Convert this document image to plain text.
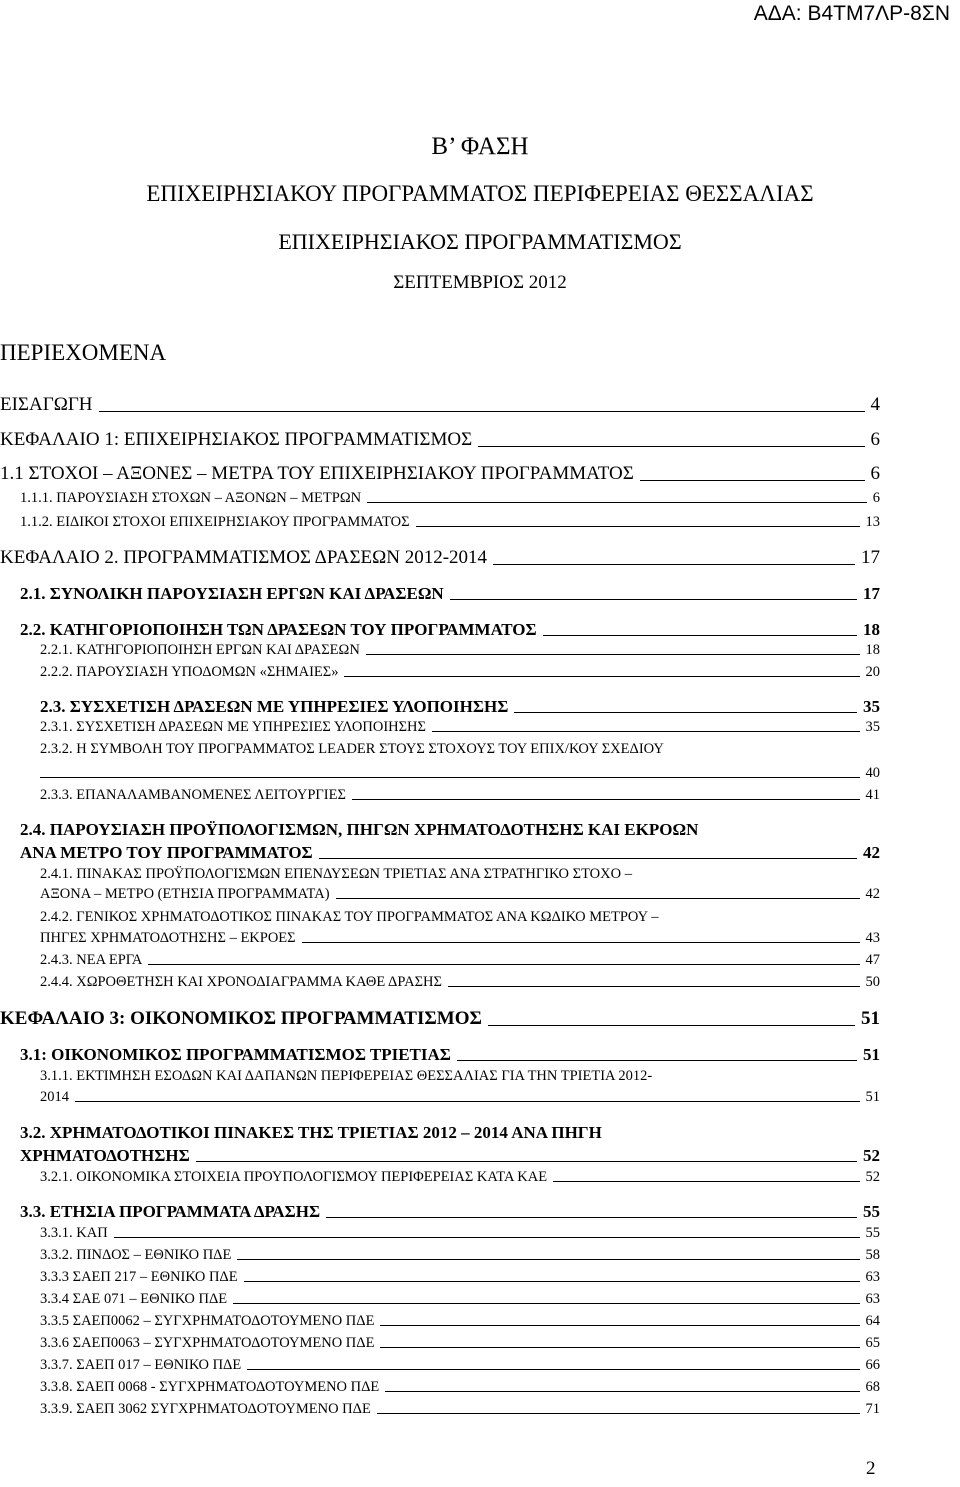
ΑΔΑ: Β4ΤΜ7ΛΡ-8ΣΝ
Β’ ΦΑΣΗ
ΕΠΙΧΕΙΡΗΣΙΑΚΟΥ ΠΡΟΓΡΑΜΜΑΤΟΣ ΠΕΡΙΦΕΡΕΙΑΣ ΘΕΣΣΑΛΙΑΣ
ΕΠΙΧΕΙΡΗΣΙΑΚΟΣ ΠΡΟΓΡΑΜΜΑΤΙΣΜΟΣ
ΣΕΠΤΕΜΒΡΙΟΣ 2012
ΠΕΡΙΕΧΟΜΕΝΑ
ΕΙΣΑΓΩΓΗ	4
ΚΕΦΑΛΑΙΟ 1: ΕΠΙΧΕΙΡΗΣΙΑΚΟΣ ΠΡΟΓΡΑΜΜΑΤΙΣΜΟΣ	6
1.1 ΣΤΟΧΟΙ – ΑΞΟΝΕΣ – ΜΕΤΡΑ ΤΟΥ ΕΠΙΧΕΙΡΗΣΙΑΚΟΥ ΠΡΟΓΡΑΜΜΑΤΟΣ	6
1.1.1. ΠΑΡΟΥΣΙΑΣΗ ΣΤΟΧΩΝ – ΑΞΟΝΩΝ – ΜΕΤΡΩΝ	6
1.1.2. ΕΙΔΙΚΟΙ ΣΤΟΧΟΙ ΕΠΙΧΕΙΡΗΣΙΑΚΟΥ ΠΡΟΓΡΑΜΜΑΤΟΣ	13
ΚΕΦΑΛΑΙΟ 2. ΠΡΟΓΡΑΜΜΑΤΙΣΜΟΣ ΔΡΑΣΕΩΝ 2012-2014	17
2.1. ΣΥΝΟΛΙΚΗ ΠΑΡΟΥΣΙΑΣΗ ΕΡΓΩΝ ΚΑΙ ΔΡΑΣΕΩΝ	17
2.2. ΚΑΤΗΓΟΡΙΟΠΟΙΗΣΗ ΤΩΝ ΔΡΑΣΕΩΝ ΤΟΥ ΠΡΟΓΡΑΜΜΑΤΟΣ	18
2.2.1. ΚΑΤΗΓΟΡΙΟΠΟΙΗΣΗ ΕΡΓΩΝ ΚΑΙ ΔΡΑΣΕΩΝ	18
2.2.2. ΠΑΡΟΥΣΙΑΣΗ ΥΠΟΔΟΜΩΝ «ΣΗΜΑΙΕΣ»	20
2.3. ΣΥΣΧΕΤΙΣΗ ΔΡΑΣΕΩΝ ΜΕ ΥΠΗΡΕΣΙΕΣ ΥΛΟΠΟΙΗΣΗΣ	35
2.3.1. ΣΥΣΧΕΤΙΣΗ ΔΡΑΣΕΩΝ ΜΕ ΥΠΗΡΕΣΙΕΣ ΥΛΟΠΟΙΗΣΗΣ	35
2.3.2. Η ΣΥΜΒΟΛΗ ΤΟΥ ΠΡΟΓΡΑΜΜΑΤΟΣ LEADER ΣΤΟΥΣ ΣΤΟΧΟΥΣ ΤΟΥ ΕΠΙΧ/ΚΟΥ ΣΧΕΔΙΟΥ
40
2.3.3. ΕΠΑΝΑΛΑΜΒΑΝΟΜΕΝΕΣ ΛΕΙΤΟΥΡΓΙΕΣ	41
2.4. ΠΑΡΟΥΣΙΑΣΗ ΠΡΟΫΠΟΛΟΓΙΣΜΩΝ, ΠΗΓΩΝ ΧΡΗΜΑΤΟΔΟΤΗΣΗΣ ΚΑΙ ΕΚΡΟΩΝ
ΑΝΑ ΜΕΤΡΟ ΤΟΥ ΠΡΟΓΡΑΜΜΑΤΟΣ	42
2.4.1. ΠΙΝΑΚΑΣ ΠΡΟΫΠΟΛΟΓΙΣΜΩΝ ΕΠΕΝΔΥΣΕΩΝ ΤΡΙΕΤΙΑΣ ΑΝΑ ΣΤΡΑΤΗΓΙΚΟ ΣΤΟΧΟ –
ΑΞΟΝΑ – ΜΕΤΡΟ (ΕΤΗΣΙΑ ΠΡΟΓΡΑΜΜΑΤΑ)	42
2.4.2. ΓΕΝΙΚΟΣ ΧΡΗΜΑΤΟΔΟΤΙΚΟΣ ΠΙΝΑΚΑΣ ΤΟΥ ΠΡΟΓΡΑΜΜΑΤΟΣ ΑΝΑ ΚΩΔΙΚΟ ΜΕΤΡΟΥ –
ΠΗΓΕΣ ΧΡΗΜΑΤΟΔΟΤΗΣΗΣ – ΕΚΡΟΕΣ	43
2.4.3. ΝΕΑ ΕΡΓΑ	47
2.4.4. ΧΩΡΟΘΕΤΗΣΗ ΚΑΙ ΧΡΟΝΟΔΙΑΓΡΑΜΜΑ ΚΑΘΕ ΔΡΑΣΗΣ	50
ΚΕΦΑΛΑΙΟ 3: ΟΙΚΟΝΟΜΙΚΟΣ ΠΡΟΓΡΑΜΜΑΤΙΣΜΟΣ	51
3.1: ΟΙΚΟΝΟΜΙΚΟΣ ΠΡΟΓΡΑΜΜΑΤΙΣΜΟΣ ΤΡΙΕΤΙΑΣ	51
3.1.1. ΕΚΤΙΜΗΣΗ ΕΣΟΔΩΝ ΚΑΙ ΔΑΠΑΝΩΝ ΠΕΡΙΦΕΡΕΙΑΣ ΘΕΣΣΑΛΙΑΣ ΓΙΑ ΤΗΝ ΤΡΙΕΤΙΑ 2012-
2014	51
3.2. ΧΡΗΜΑΤΟΔΟΤΙΚΟΙ ΠΙΝΑΚΕΣ ΤΗΣ ΤΡΙΕΤΙΑΣ 2012 – 2014 ΑΝΑ ΠΗΓΗ
ΧΡΗΜΑΤΟΔΟΤΗΣΗΣ	52
3.2.1. ΟΙΚΟΝΟΜΙΚΑ ΣΤΟΙΧΕΙΑ ΠΡΟΥΠΟΛΟΓΙΣΜΟΥ ΠΕΡΙΦΕΡΕΙΑΣ ΚΑΤΑ ΚΑΕ	52
3.3. ΕΤΗΣΙΑ ΠΡΟΓΡΑΜΜΑΤΑ ΔΡΑΣΗΣ	55
3.3.1. ΚΑΠ	55
3.3.2. ΠΙΝΔΟΣ – ΕΘΝΙΚΟ ΠΔΕ	58
3.3.3 ΣΑΕΠ 217 – ΕΘΝΙΚΟ ΠΔΕ	63
3.3.4 ΣΑΕ 071 – ΕΘΝΙΚΟ ΠΔΕ	63
3.3.5 ΣΑΕΠ0062 – ΣΥΓΧΡΗΜΑΤΟΔΟΤΟΥΜΕΝΟ ΠΔΕ	64
3.3.6 ΣΑΕΠ0063 – ΣΥΓΧΡΗΜΑΤΟΔΟΤΟΥΜΕΝΟ ΠΔΕ	65
3.3.7. ΣΑΕΠ 017 – ΕΘΝΙΚΟ ΠΔΕ	66
3.3.8. ΣΑΕΠ 0068 - ΣΥΓΧΡΗΜΑΤΟΔΟΤΟΥΜΕΝΟ ΠΔΕ	68
3.3.9. ΣΑΕΠ 3062 ΣΥΓΧΡΗΜΑΤΟΔΟΤΟΥΜΕΝΟ ΠΔΕ	71
2
